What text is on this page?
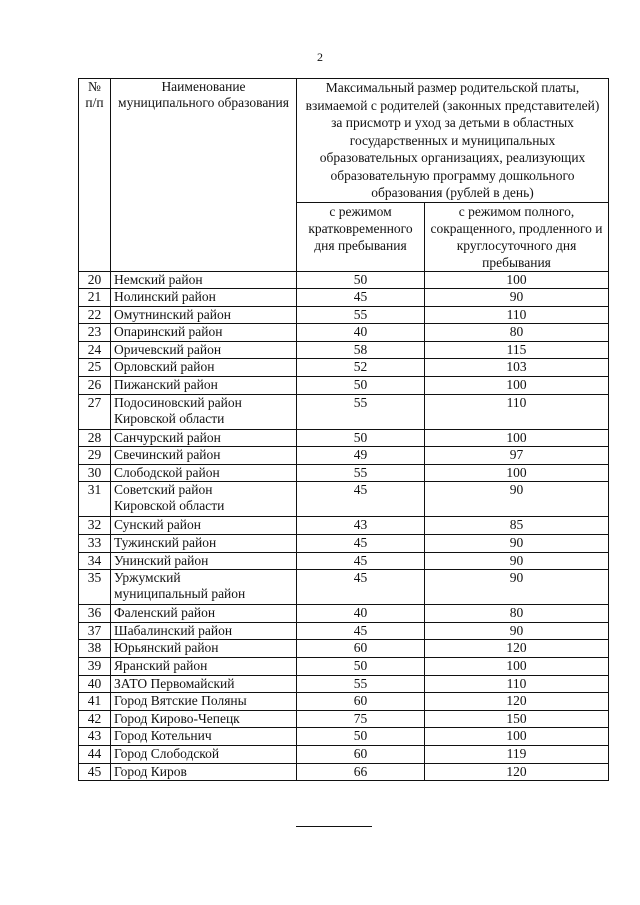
2
№ п/п	Наименование муниципального образования	Максимальный размер родительской платы, взимаемой с родителей (законных представителей) за присмотр и уход за детьми в областных государственных и муниципальных образовательных организациях, реализующих образовательную программу дошкольного образования (рублей в день)	
		с режимом кратковременного дня пребывания	с режимом полного, сокращенного, продленного и круглосуточного дня пребывания
20	Немский район	50	100
21	Нолинский район	45	90
22	Омутнинский район	55	110
23	Опаринский район	40	80
24	Оричевский район	58	115
25	Орловский район	52	103
26	Пижанский район	50	100
27	Подосиновский район
Кировской области	55	110
28	Санчурский район	50	100
29	Свечинский район	49	97
30	Слободской район	55	100
31	Советский район
Кировской области	45	90
32	Сунский район	43	85
33	Тужинский район	45	90
34	Унинский район	45	90
35	Уржумский
муниципальный район	45	90
36	Фаленский район	40	80
37	Шабалинский район	45	90
38	Юрьянский район	60	120
39	Яранский район	50	100
40	ЗАТО Первомайский	55	110
41	Город Вятские Поляны	60	120
42	Город Кирово-Чепецк	75	150
43	Город Котельнич	50	100
44	Город Слободской	60	119
45	Город Киров	66	120
